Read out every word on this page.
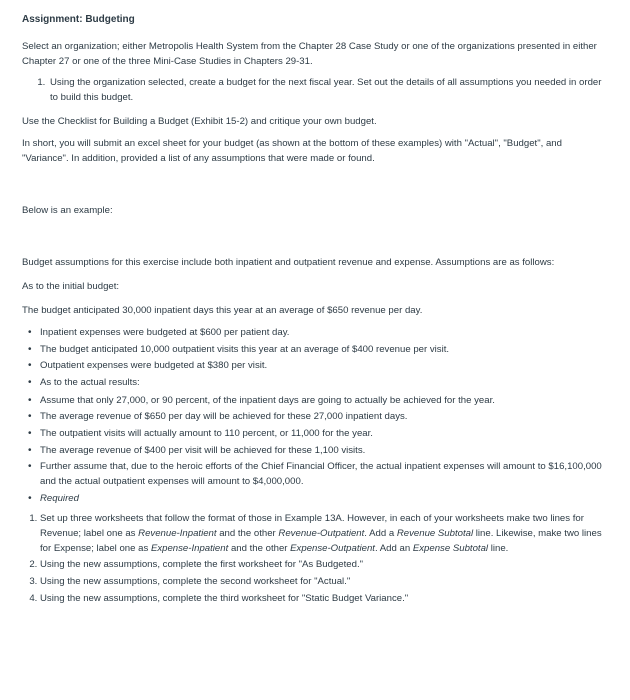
Assignment: Budgeting

Select an organization; either Metropolis Health System from the Chapter 28 Case Study or one of the organizations presented in either Chapter 27 or one of the three Mini-Case Studies in Chapters 29-31.

1. Using the organization selected, create a budget for the next fiscal year. Set out the details of all assumptions you needed in order to build this budget.

Use the Checklist for Building a Budget (Exhibit 15-2) and critique your own budget.

In short, you will submit an excel sheet for your budget (as shown at the bottom of these examples) with "Actual", "Budget", and "Variance". In addition, provided a list of any assumptions that were made or found.

Below is an example:

Budget assumptions for this exercise include both inpatient and outpatient revenue and expense. Assumptions are as follows:

As to the initial budget:

The budget anticipated 30,000 inpatient days this year at an average of $650 revenue per day.

• Inpatient expenses were budgeted at $600 per patient day.
• The budget anticipated 10,000 outpatient visits this year at an average of $400 revenue per visit.
• Outpatient expenses were budgeted at $380 per visit.
• As to the actual results:
• Assume that only 27,000, or 90 percent, of the inpatient days are going to actually be achieved for the year.
• The average revenue of $650 per day will be achieved for these 27,000 inpatient days.
• The outpatient visits will actually amount to 110 percent, or 11,000 for the year.
• The average revenue of $400 per visit will be achieved for these 1,100 visits.
• Further assume that, due to the heroic efforts of the Chief Financial Officer, the actual inpatient expenses will amount to $16,100,000 and the actual outpatient expenses will amount to $4,000,000.
• Required
1. Set up three worksheets that follow the format of those in Example 13A. However, in each of your worksheets make two lines for Revenue; label one as Revenue-Inpatient and the other Revenue-Outpatient. Add a Revenue Subtotal line. Likewise, make two lines for Expense; label one as Expense-Inpatient and the other Expense-Outpatient. Add an Expense Subtotal line.
2. Using the new assumptions, complete the first worksheet for "As Budgeted."
3. Using the new assumptions, complete the second worksheet for "Actual."
4. Using the new assumptions, complete the third worksheet for "Static Budget Variance."
